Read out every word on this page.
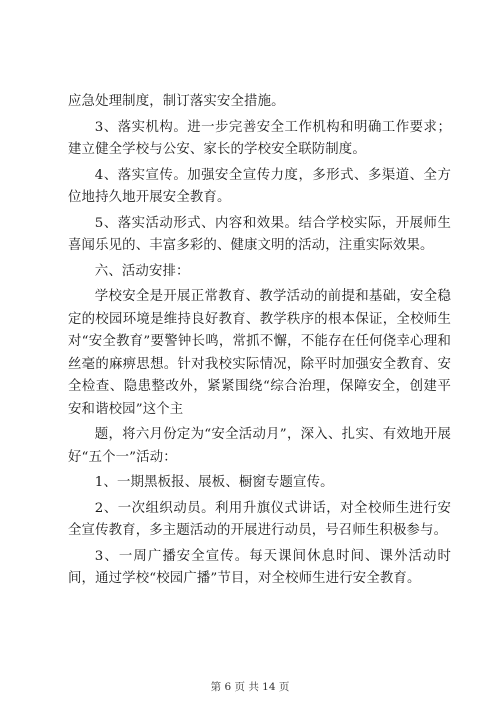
应急处理制度，制订落实安全措施。

3、落实机构。进一步完善安全工作机构和明确工作要求；建立健全学校与公安、家长的学校安全联防制度。

4、落实宣传。加强安全宣传力度，多形式、多渠道、全方位地持久地开展安全教育。

5、落实活动形式、内容和效果。结合学校实际，开展师生喜闻乐见的、丰富多彩的、健康文明的活动，注重实际效果。

六、活动安排：

学校安全是开展正常教育、教学活动的前提和基础，安全稳定的校园环境是维持良好教育、教学秩序的根本保证，全校师生对“安全教育”要警钟长鸣，常抓不懈，不能存在任何侥幸心理和丝毫的麻痹思想。针对我校实际情况，除平时加强安全教育、安全检查、隐患整改外，紧紧围绕“综合治理，保障安全，创建平安和谐校园”这个主

题，将六月份定为“安全活动月”，深入、扎实、有效地开展好“五个一”活动：

1、一期黑板报、展板、橱窗专题宣传。

2、一次组织动员。利用升旗仪式讲话，对全校师生进行安全宣传教育，多主题活动的开展进行动员，号召师生积极参与。

3、一周广播安全宣传。每天课间休息时间、课外活动时间，通过学校“校园广播”节目，对全校师生进行安全教育。

第 6 页 共 14 页
